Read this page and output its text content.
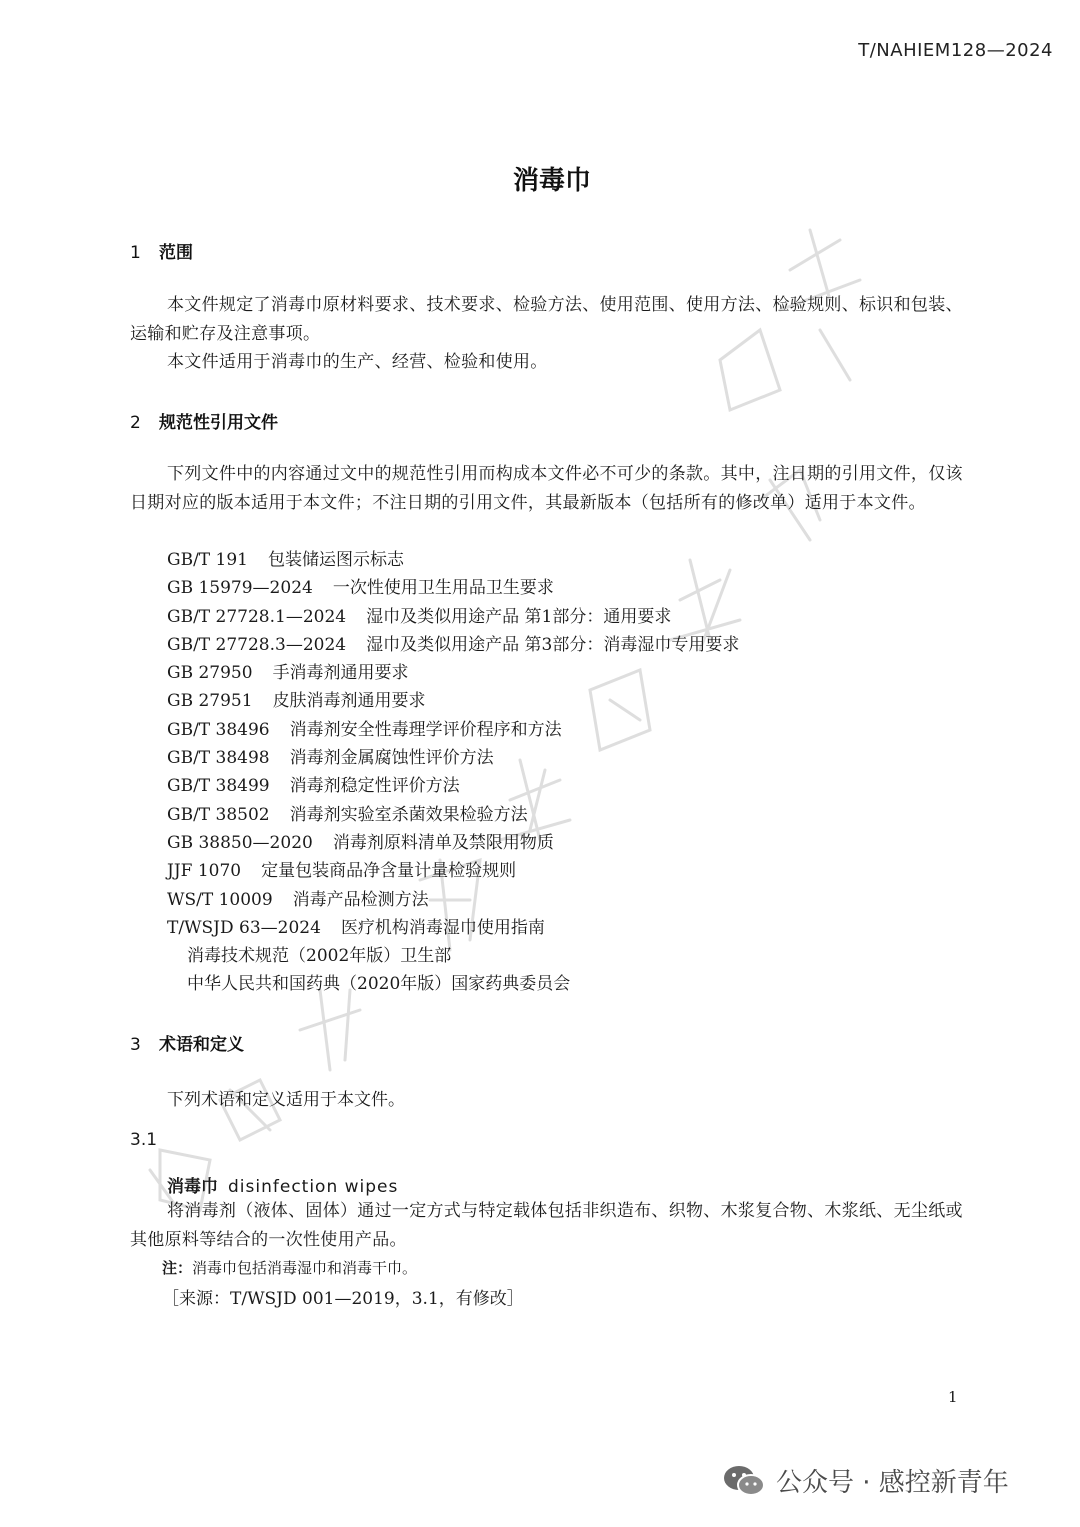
T/NAHIEM128—2024
消毒巾
1 范围
本文件规定了消毒巾原材料要求、技术要求、检验方法、使用范围、使用方法、检验规则、标识和包装、运输和贮存及注意事项。
本文件适用于消毒巾的生产、经营、检验和使用。
2 规范性引用文件
下列文件中的内容通过文中的规范性引用而构成本文件必不可少的条款。其中，注日期的引用文件，仅该日期对应的版本适用于本文件；不注日期的引用文件，其最新版本（包括所有的修改单）适用于本文件。
GB/T 191 包装储运图示标志
GB 15979—2024 一次性使用卫生用品卫生要求
GB/T 27728.1—2024 湿巾及类似用途产品 第1部分：通用要求
GB/T 27728.3—2024 湿巾及类似用途产品 第3部分：消毒湿巾专用要求
GB 27950 手消毒剂通用要求
GB 27951 皮肤消毒剂通用要求
GB/T 38496 消毒剂安全性毒理学评价程序和方法
GB/T 38498 消毒剂金属腐蚀性评价方法
GB/T 38499 消毒剂稳定性评价方法
GB/T 38502 消毒剂实验室杀菌效果检验方法
GB 38850—2020 消毒剂原料清单及禁限用物质
JJF 1070 定量包装商品净含量计量检验规则
WS/T 10009 消毒产品检测方法
T/WSJD 63—2024 医疗机构消毒湿巾使用指南
消毒技术规范（2002年版）卫生部
中华人民共和国药典（2020年版）国家药典委员会
3 术语和定义
下列术语和定义适用于本文件。
3.1
消毒巾 disinfection wipes
将消毒剂（液体、固体）通过一定方式与特定载体包括非织造布、织物、木浆复合物、木浆纸、无尘纸或其他原料等结合的一次性使用产品。
注：消毒巾包括消毒湿巾和消毒干巾。
［来源：T/WSJD 001—2019，3.1，有修改］
1
公众号 · 感控新青年
